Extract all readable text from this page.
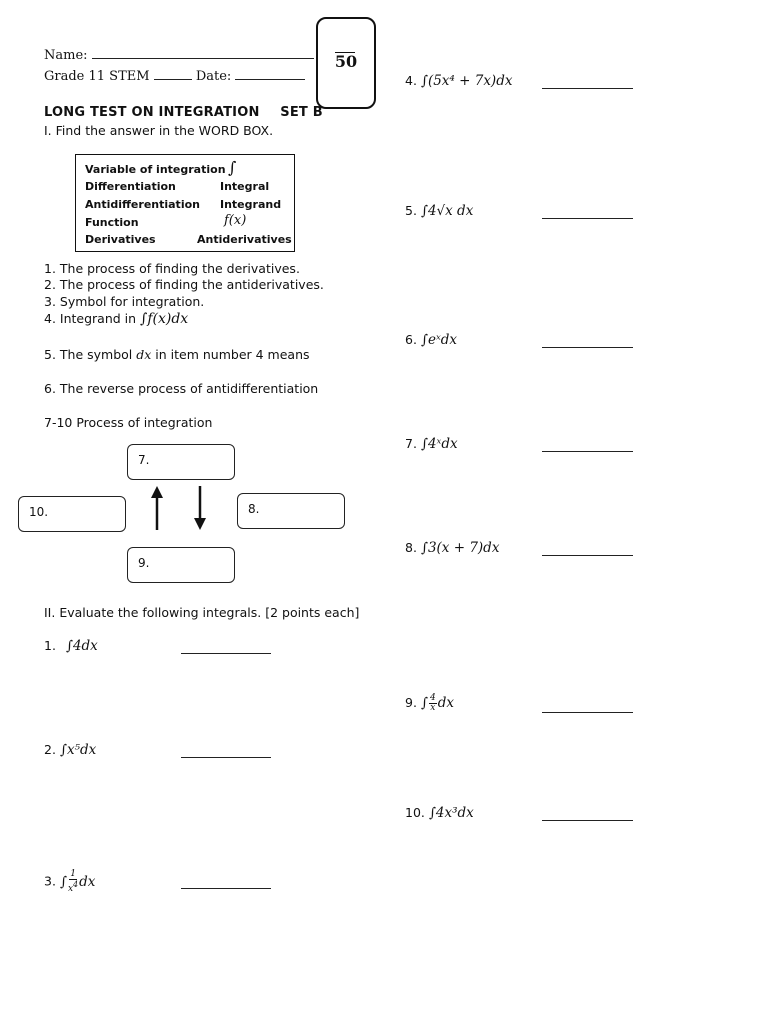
Name:
Grade 11 STEM	Date:
50
LONG TEST ON INTEGRATION SET B
I. Find the answer in the WORD BOX.
Variable of integration ∫
Differentiation	Integral
Antidifferentiation Integrand
Function	f(x)
Derivatives	Antiderivatives
1. The process of finding the derivatives.
2. The process of finding the antiderivatives.
3. Symbol for integration.
4. Integrand in ∫f(x)dx
5. The symbol dx in item number 4 means
6. The reverse process of antidifferentiation
7-10 Process of integration
7.
8.
9.
10.
II. Evaluate the following integrals. [2 points each]
1. ∫4dx
2. ∫x⁵dx
3. ∫ $\frac{1}{x^4}$ dx
4. ∫(5x⁴ + 7x)dx
5. ∫4√x dx
6. ∫eˣdx
7. ∫4ˣdx
8. ∫3(x + 7)dx
9. ∫ $\frac{4}{x}$ dx
10. ∫4x³dx
